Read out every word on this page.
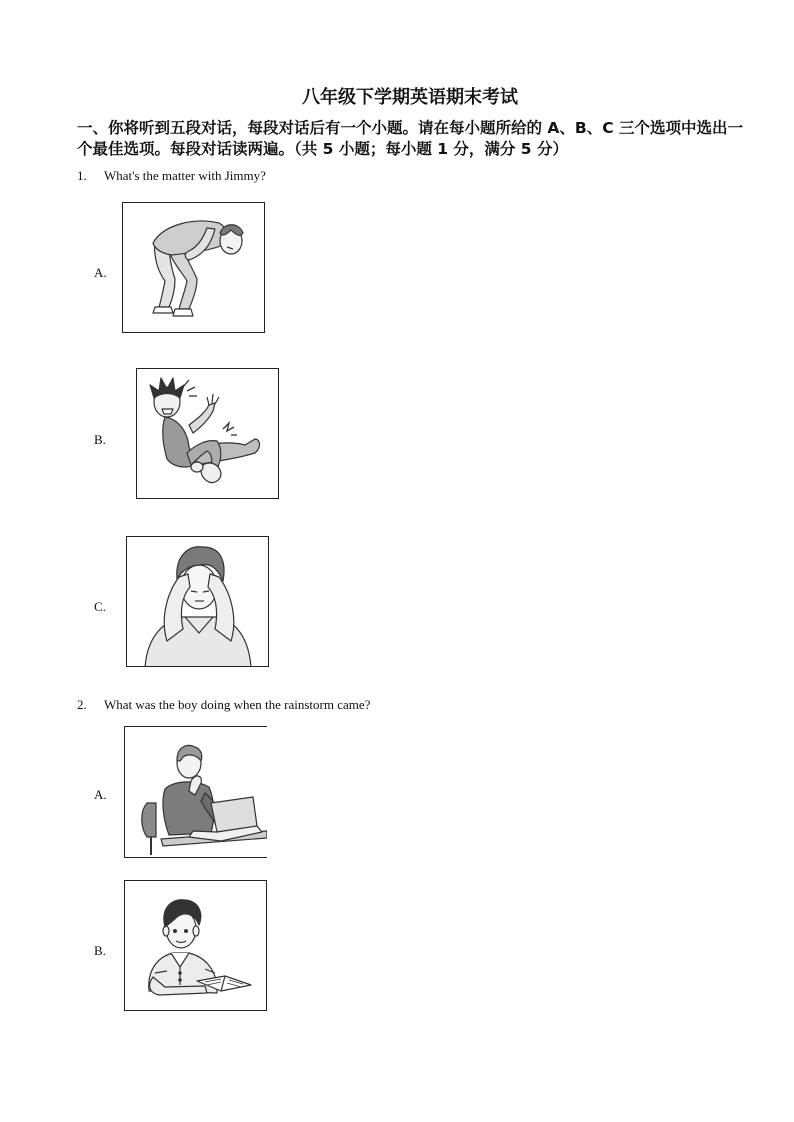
八年级下学期英语期末考试
一、你将听到五段对话，每段对话后有一个小题。请在每小题所给的 A、B、C 三个选项中选出一
个最佳选项。每段对话读两遍。（共 5 小题；每小题 1 分，满分 5 分）
1. What's the matter with Jimmy?
A.
B.
C.
2. What was the boy doing when the rainstorm came?
A.
B.
